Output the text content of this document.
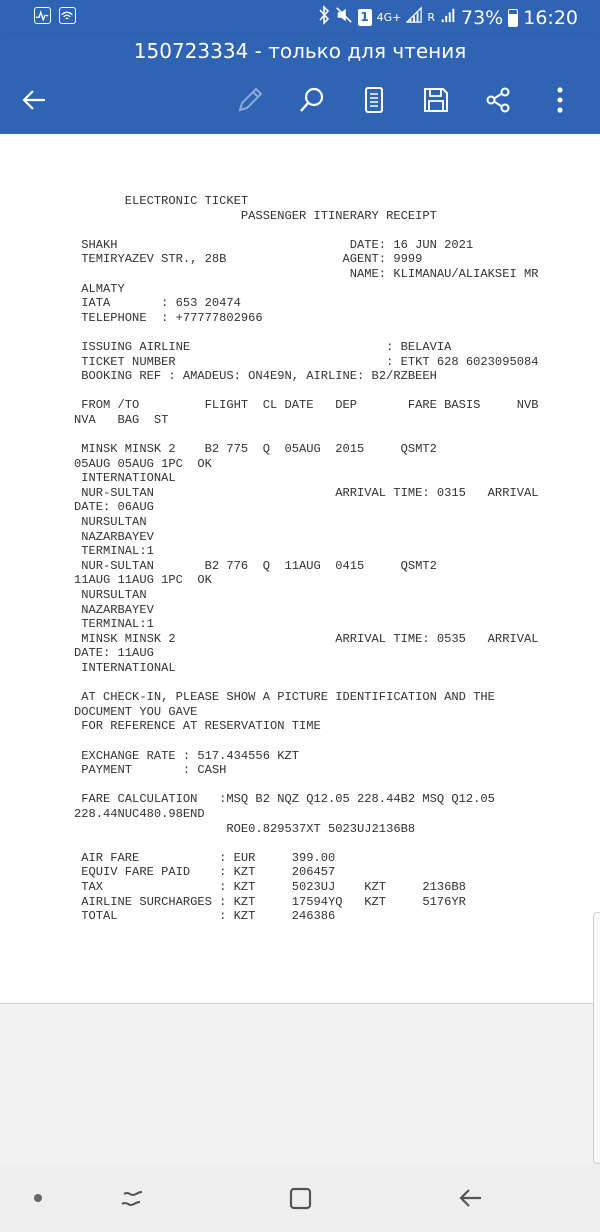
1 4G+ R 73% 16:20
150723334 - только для чтения
ELECTRONIC TICKET
PASSENGER ITINERARY RECEIPT

SHAKH                                DATE: 16 JUN 2021
TEMIRYAZEV STR., 28B                AGENT: 9999
NAME: KLIMANAU/ALIAKSEI MR
ALMATY
IATA       : 653 20474
TELEPHONE  : +77777802966

ISSUING AIRLINE                           : BELAVIA
TICKET NUMBER                             : ETKT 628 6023095084
BOOKING REF : AMADEUS: ON4E9N, AIRLINE: B2/RZBEEH

FROM /TO         FLIGHT  CL DATE   DEP       FARE BASIS     NVB
NVA   BAG  ST

MINSK MINSK 2    B2 775  Q  05AUG  2015     QSMT2
05AUG 05AUG 1PC  OK
INTERNATIONAL
NUR-SULTAN                         ARRIVAL TIME: 0315   ARRIVAL
DATE: 06AUG
NURSULTAN
NAZARBAYEV
TERMINAL:1
NUR-SULTAN       B2 776  Q  11AUG  0415     QSMT2
11AUG 11AUG 1PC  OK
NURSULTAN
NAZARBAYEV
TERMINAL:1
MINSK MINSK 2                      ARRIVAL TIME: 0535   ARRIVAL
DATE: 11AUG
INTERNATIONAL

AT CHECK-IN, PLEASE SHOW A PICTURE IDENTIFICATION AND THE
DOCUMENT YOU GAVE
FOR REFERENCE AT RESERVATION TIME

EXCHANGE RATE : 517.434556 KZT
PAYMENT       : CASH

FARE CALCULATION   :MSQ B2 NQZ Q12.05 228.44B2 MSQ Q12.05
228.44NUC480.98END
ROE0.829537XT 5023UJ2136B8

AIR FARE           : EUR     399.00
EQUIV FARE PAID    : KZT     206457
TAX                : KZT     5023UJ    KZT     2136B8
AIRLINE SURCHARGES : KZT     17594YQ   KZT     5176YR
TOTAL              : KZT     246386
